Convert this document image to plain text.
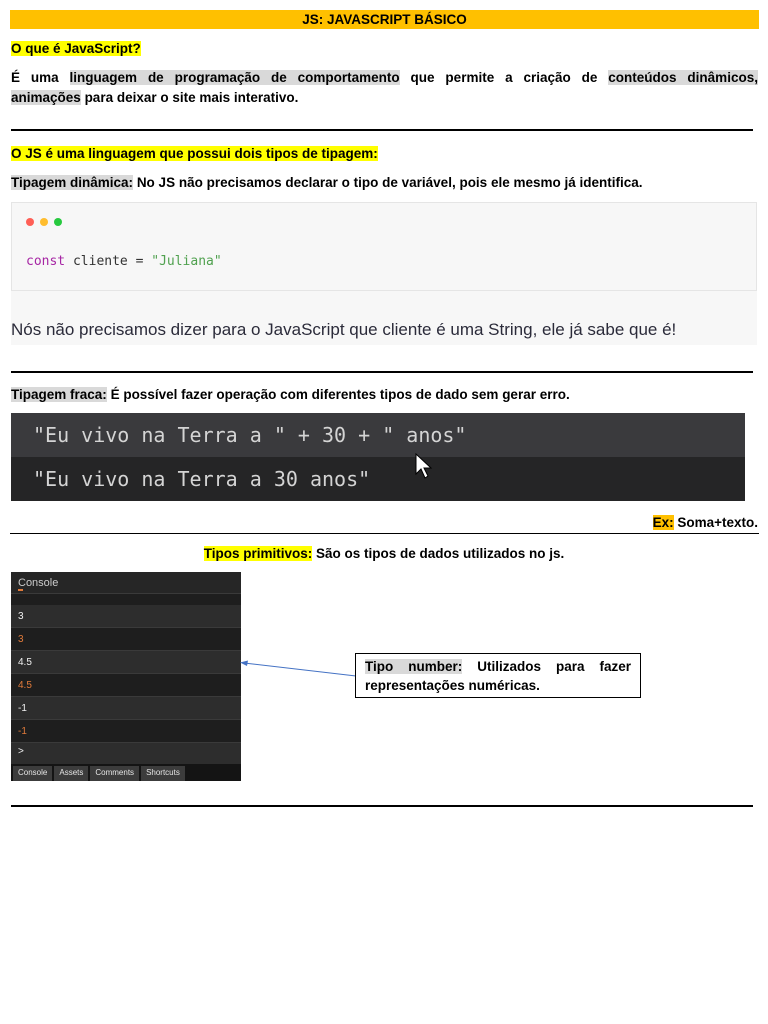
JS: JAVASCRIPT BÁSICO
O que é JavaScript?
É uma linguagem de programação de comportamento que permite a criação de conteúdos dinâmicos,
animações para deixar o site mais interativo.
O JS é uma linguagem que possui dois tipos de tipagem:
Tipagem dinâmica: No JS não precisamos declarar o tipo de variável, pois ele mesmo já identifica.
const cliente = "Juliana"
Nós não precisamos dizer para o JavaScript que cliente é uma String, ele já sabe que é!
Tipagem fraca: É possível fazer operação com diferentes tipos de dado sem gerar erro.
"Eu vivo na Terra a " + 30 + " anos"
"Eu vivo na Terra a 30 anos"
Ex: Soma+texto.
Tipos primitivos: São os tipos de dados utilizados no js.
Console
3
3
4.5
4.5
-1
-1
>
Console	Assets	Comments	Shortcuts
Tipo number: Utilizados para fazer representações numéricas.
